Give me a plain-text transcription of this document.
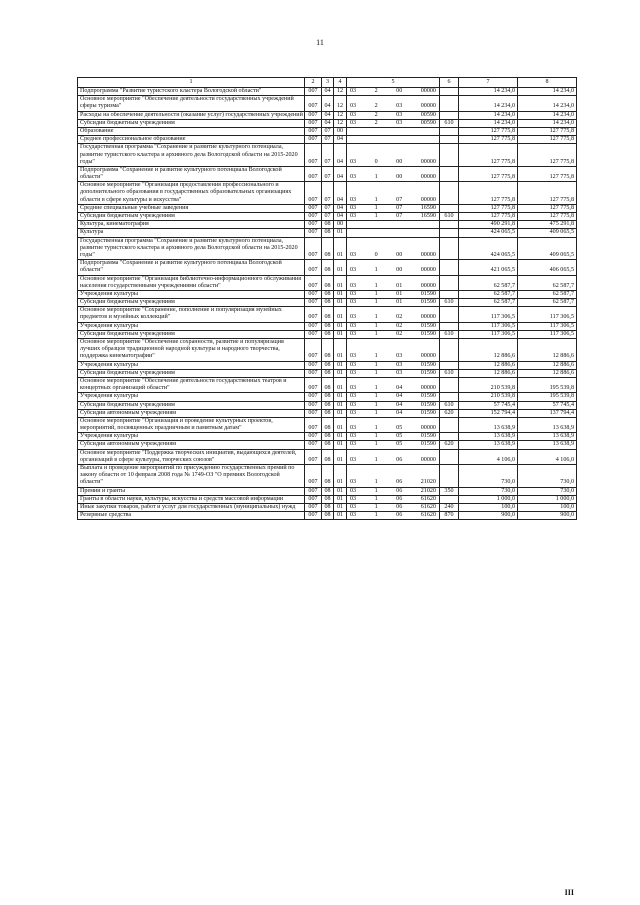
11
1	2	3	4	5	6	7	8
Подпрограмма "Развитие туристского кластера Вологодской области"	007	04	12	03 2 00 00000		14 234,0	14 234,0
Основное мероприятие "Обеспечение деятельности государственных учреждений сферы туризма"	007	04	12	03 2 03 00000		14 234,0	14 234,0
Расходы на обеспечение деятельности (оказание услуг) государственных учреждений	007	04	12	03 2 03 00590		14 234,0	14 234,0
Субсидии бюджетным учреждениям	007	04	12	03 2 03 00590	610	14 234,0	14 234,0
Образование	007	07	00			127 775,8	127 775,8
Среднее профессиональное образование	007	07	04			127 775,8	127 775,8
Государственная программа "Сохранение и развитие культурного потенциала, развитие туристского кластера и архивного дела Вологодской области на 2015-2020 годы"	007	07	04	03 0 00 00000		127 775,8	127 775,8
Подпрограмма "Сохранение и развитие культурного потенциала Вологодской области"	007	07	04	03 1 00 00000		127 775,8	127 775,8
Основное мероприятие "Организация предоставления профессионального и дополнительного образования в государственных образовательных организациях области в сфере культуры и искусства"	007	07	04	03 1 07 00000		127 775,8	127 775,8
Средние специальные учебные заведения	007	07	04	03 1 07 16590		127 775,8	127 775,8
Субсидии бюджетным учреждениям	007	07	04	03 1 07 16590	610	127 775,8	127 775,8
Культура, кинематография	007	08	00			490 291,8	475 291,8
Культура	007	08	01			424 065,5	409 065,5
Государственная программа "Сохранение и развитие культурного потенциала, развитие туристского кластера и архивного дела Вологодской области на 2015-2020 годы"	007	08	01	03 0 00 00000		424 065,5	409 065,5
Подпрограмма "Сохранение и развитие культурного потенциала Вологодской области"	007	08	01	03 1 00 00000		421 065,5	406 065,5
Основное мероприятие "Организация библиотечно-информационного обслуживания населения государственными учреждениями области"	007	08	01	03 1 01 00000		62 587,7	62 587,7
Учреждения культуры	007	08	01	03 1 01 01590		62 587,7	62 587,7
Субсидии бюджетным учреждениям	007	08	01	03 1 01 01590	610	62 587,7	62 587,7
Основное мероприятие "Сохранение, пополнение и популяризация музейных предметов и музейных коллекций"	007	08	01	03 1 02 00000		117 306,5	117 306,5
Учреждения культуры	007	08	01	03 1 02 01590		117 306,5	117 306,5
Субсидии бюджетным учреждениям	007	08	01	03 1 02 01590	610	117 306,5	117 306,5
Основное мероприятие "Обеспечение сохранности, развитие и популяризация лучших образцов традиционной народной культуры и народного творчества, поддержка кинематографии"	007	08	01	03 1 03 00000		12 886,6	12 886,6
Учреждения культуры	007	08	01	03 1 03 01590		12 886,6	12 886,6
Субсидии бюджетным учреждениям	007	08	01	03 1 03 01590	610	12 886,6	12 886,6
Основное мероприятие "Обеспечение деятельности государственных театров и концертных организаций области"	007	08	01	03 1 04 00000		210 539,8	195 539,8
Учреждения культуры	007	08	01	03 1 04 01590		210 539,8	195 539,8
Субсидии бюджетным учреждениям	007	08	01	03 1 04 01590	610	57 745,4	57 745,4
Субсидии автономным учреждениям	007	08	01	03 1 04 01590	620	152 794,4	137 794,4
Основное мероприятие "Организация и проведение культурных проектов, мероприятий, посвященных праздничным и памятным датам"	007	08	01	03 1 05 00000		13 638,9	13 638,9
Учреждения культуры	007	08	01	03 1 05 01590		13 638,9	13 638,9
Субсидии автономным учреждениям	007	08	01	03 1 05 01590	620	13 638,9	13 638,9
Основное мероприятие "Поддержка творческих инициатив, выдающихся деятелей, организаций в сфере культуры, творческих союзов"	007	08	01	03 1 06 00000		4 106,0	4 106,0
Выплата и проведение мероприятий по присуждению государственных премий по закону области от 10 февраля 2008 года № 1749-ОЗ "О премиях Вологодской области"	007	08	01	03 1 06 21020		730,0	730,0
Премии и гранты	007	08	01	03 1 06 21020	350	730,0	730,0
Гранты в области науки, культуры, искусства и средств массовой информации	007	08	01	03 1 06 61620		1 000,0	1 000,0
Иные закупки товаров, работ и услуг для государственных (муниципальных) нужд	007	08	01	03 1 06 61620	240	100,0	100,0
Резервные средства	007	08	01	03 1 06 61620	870	900,0	900,0
III
